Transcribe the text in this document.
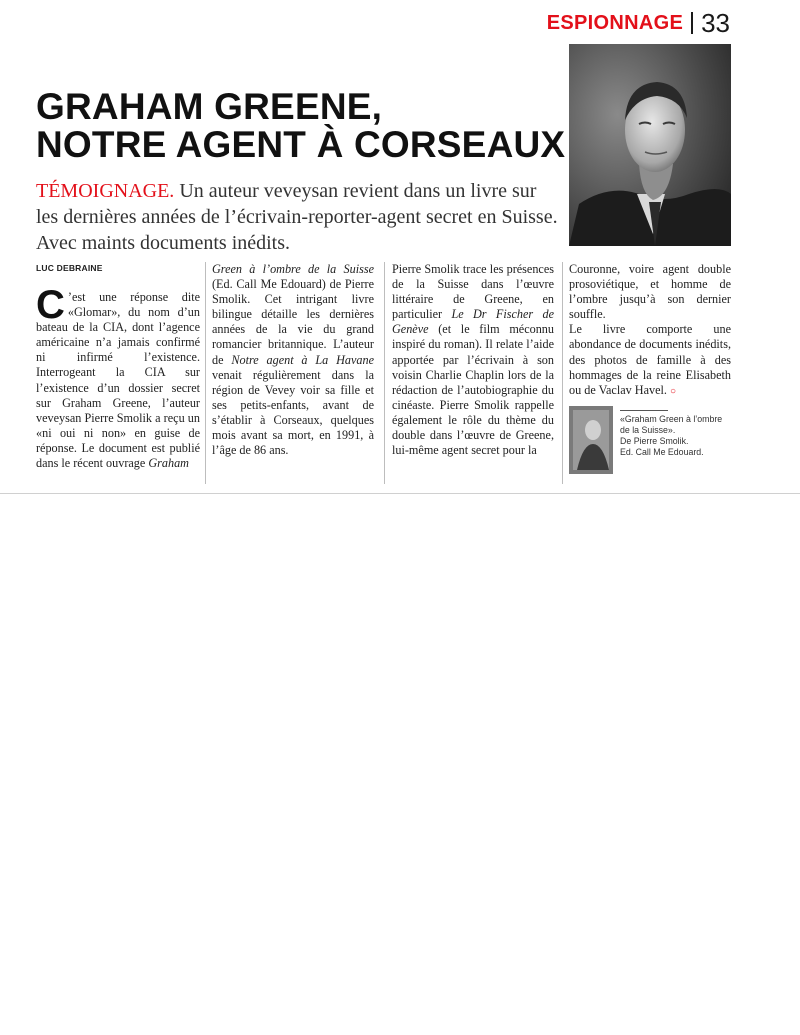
ESPIONNAGE 33
GRAHAM GREENE,
NOTRE AGENT À CORSEAUX
TÉMOIGNAGE. Un auteur veveysan revient dans un livre sur les dernières années de l’écrivain-reporter-agent secret en Suisse. Avec maints documents inédits.
LUC DEBRAINE

C ’est une réponse dite «Glomar», du nom d’un bateau de la CIA, dont l’agence américaine n’a jamais confirmé ni infirmé l’existence. Interrogeant la CIA sur l’existence d’un dossier secret sur Graham Greene, l’auteur veveysan Pierre Smolik a reçu un «ni oui ni non» en guise de réponse. Le document est publié dans le récent ouvrage Graham

Green à l’ombre de la Suisse (Ed. Call Me Edouard) de Pierre Smolik. Cet intrigant livre bilingue détaille les dernières années de la vie du grand romancier britannique. L’auteur de Notre agent à La Havane venait régulièrement dans la région de Vevey voir sa fille et ses petits-enfants, avant de s’établir à Corseaux, quelques mois avant sa mort, en 1991, à l’âge de 86 ans.

Pierre Smolik trace les présences de la Suisse dans l’œuvre littéraire de Greene, en particulier Le Dr Fischer de Genève (et le film méconnu inspiré du roman). Il relate l’aide apportée par l’écrivain à son voisin Charlie Chaplin lors de la rédaction de l’autobiographie du cinéaste. Pierre Smolik rappelle également le rôle du thème du double dans l’œuvre de Greene, lui-même agent secret pour la

Couronne, voire agent double prosoviétique, et homme de l’ombre jusqu’à son dernier souffle.

Le livre comporte une abondance de documents inédits, des photos de famille à des hommages de la reine Elisabeth ou de Vaclav Havel. ○

«Graham Green à l’ombre de la Suisse».
De Pierre Smolik.
Ed. Call Me Edouard.
